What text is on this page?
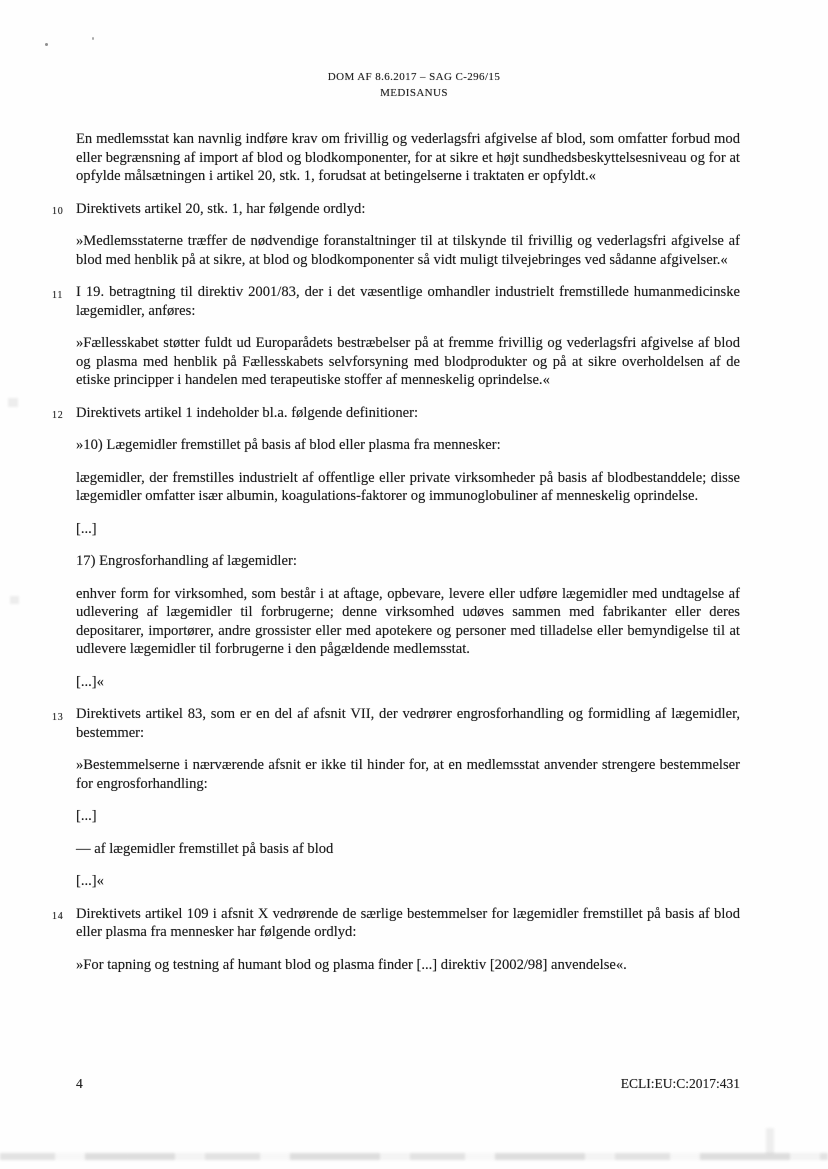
DOM AF 8.6.2017 – SAG C-296/15
MEDISANUS
En medlemsstat kan navnlig indføre krav om frivillig og vederlagsfri afgivelse af blod, som omfatter forbud mod eller begrænsning af import af blod og blodkomponenter, for at sikre et højt sundhedsbeskyttelsesniveau og for at opfylde målsætningen i artikel 20, stk. 1, forudsat at betingelserne i traktaten er opfyldt.«
10 Direktivets artikel 20, stk. 1, har følgende ordlyd:
»Medlemsstaterne træffer de nødvendige foranstaltninger til at tilskynde til frivillig og vederlagsfri afgivelse af blod med henblik på at sikre, at blod og blodkomponenter så vidt muligt tilvejebringes ved sådanne afgivelser.«
11 I 19. betragtning til direktiv 2001/83, der i det væsentlige omhandler industrielt fremstillede humanmedicinske lægemidler, anføres:
»Fællesskabet støtter fuldt ud Europarådets bestræbelser på at fremme frivillig og vederlagsfri afgivelse af blod og plasma med henblik på Fællesskabets selvforsyning med blodprodukter og på at sikre overholdelsen af de etiske principper i handelen med terapeutiske stoffer af menneskelig oprindelse.«
12 Direktivets artikel 1 indeholder bl.a. følgende definitioner:
»10) Lægemidler fremstillet på basis af blod eller plasma fra mennesker:
lægemidler, der fremstilles industrielt af offentlige eller private virksomheder på basis af blodbestanddele; disse lægemidler omfatter især albumin, koagulations-faktorer og immunoglobuliner af menneskelig oprindelse.
[...]
17) Engrosforhandling af lægemidler:
enhver form for virksomhed, som består i at aftage, opbevare, levere eller udføre lægemidler med undtagelse af udlevering af lægemidler til forbrugerne; denne virksomhed udøves sammen med fabrikanter eller deres depositarer, importører, andre grossister eller med apotekere og personer med tilladelse eller bemyndigelse til at udlevere lægemidler til forbrugerne i den pågældende medlemsstat.
[...]«
13 Direktivets artikel 83, som er en del af afsnit VII, der vedrører engrosforhandling og formidling af lægemidler, bestemmer:
»Bestemmelserne i nærværende afsnit er ikke til hinder for, at en medlemsstat anvender strengere bestemmelser for engrosforhandling:
[...]
— af lægemidler fremstillet på basis af blod
[...]«
14 Direktivets artikel 109 i afsnit X vedrørende de særlige bestemmelser for lægemidler fremstillet på basis af blod eller plasma fra mennesker har følgende ordlyd:
»For tapning og testning af humant blod og plasma finder [...] direktiv [2002/98] anvendelse«.
4	ECLI:EU:C:2017:431
